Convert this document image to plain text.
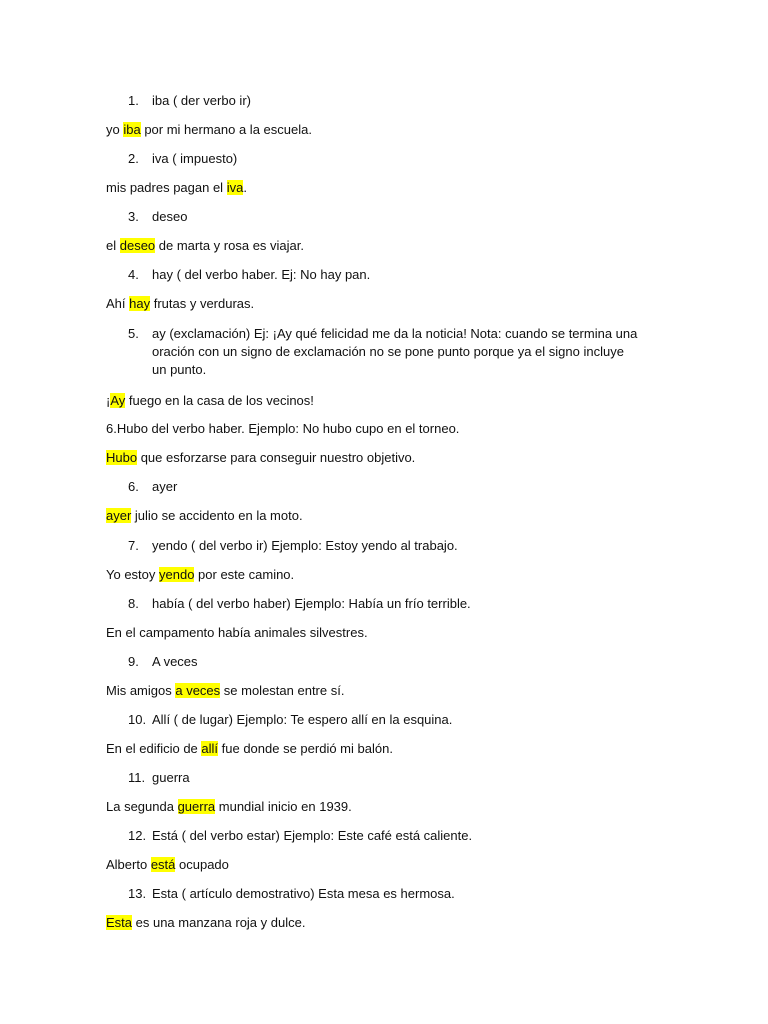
1. iba ( der verbo ir)
yo iba por mi hermano a la escuela.
2. iva ( impuesto)
mis padres pagan el iva.
3. deseo
el deseo de marta y rosa es viajar.
4. hay ( del verbo haber. Ej: No hay pan.
Ahí hay frutas y verduras.
5.	ay (exclamación) Ej: ¡Ay qué felicidad me da la noticia! Nota: cuando se termina una oración con un signo de exclamación no se pone punto porque ya el signo incluye un punto.
¡Ay fuego en la casa de los vecinos!
6.Hubo del verbo haber. Ejemplo: No hubo cupo en el torneo.
Hubo que esforzarse para conseguir nuestro objetivo.
6. ayer
ayer julio se accidento en la moto.
7. yendo ( del verbo ir) Ejemplo: Estoy yendo al trabajo.
Yo estoy yendo por este camino.
8. había ( del verbo haber) Ejemplo: Había un frío terrible.
En el campamento había animales silvestres.
9. A veces
Mis amigos a veces se molestan entre sí.
10. Allí ( de lugar) Ejemplo: Te espero allí en la esquina.
En el edificio de allí fue donde se perdió mi balón.
11. guerra
La segunda guerra mundial inicio en 1939.
12. Está ( del verbo estar) Ejemplo: Este café está caliente.
Alberto está ocupado
13. Esta ( artículo demostrativo) Esta mesa es hermosa.
Esta es una manzana roja y dulce.
